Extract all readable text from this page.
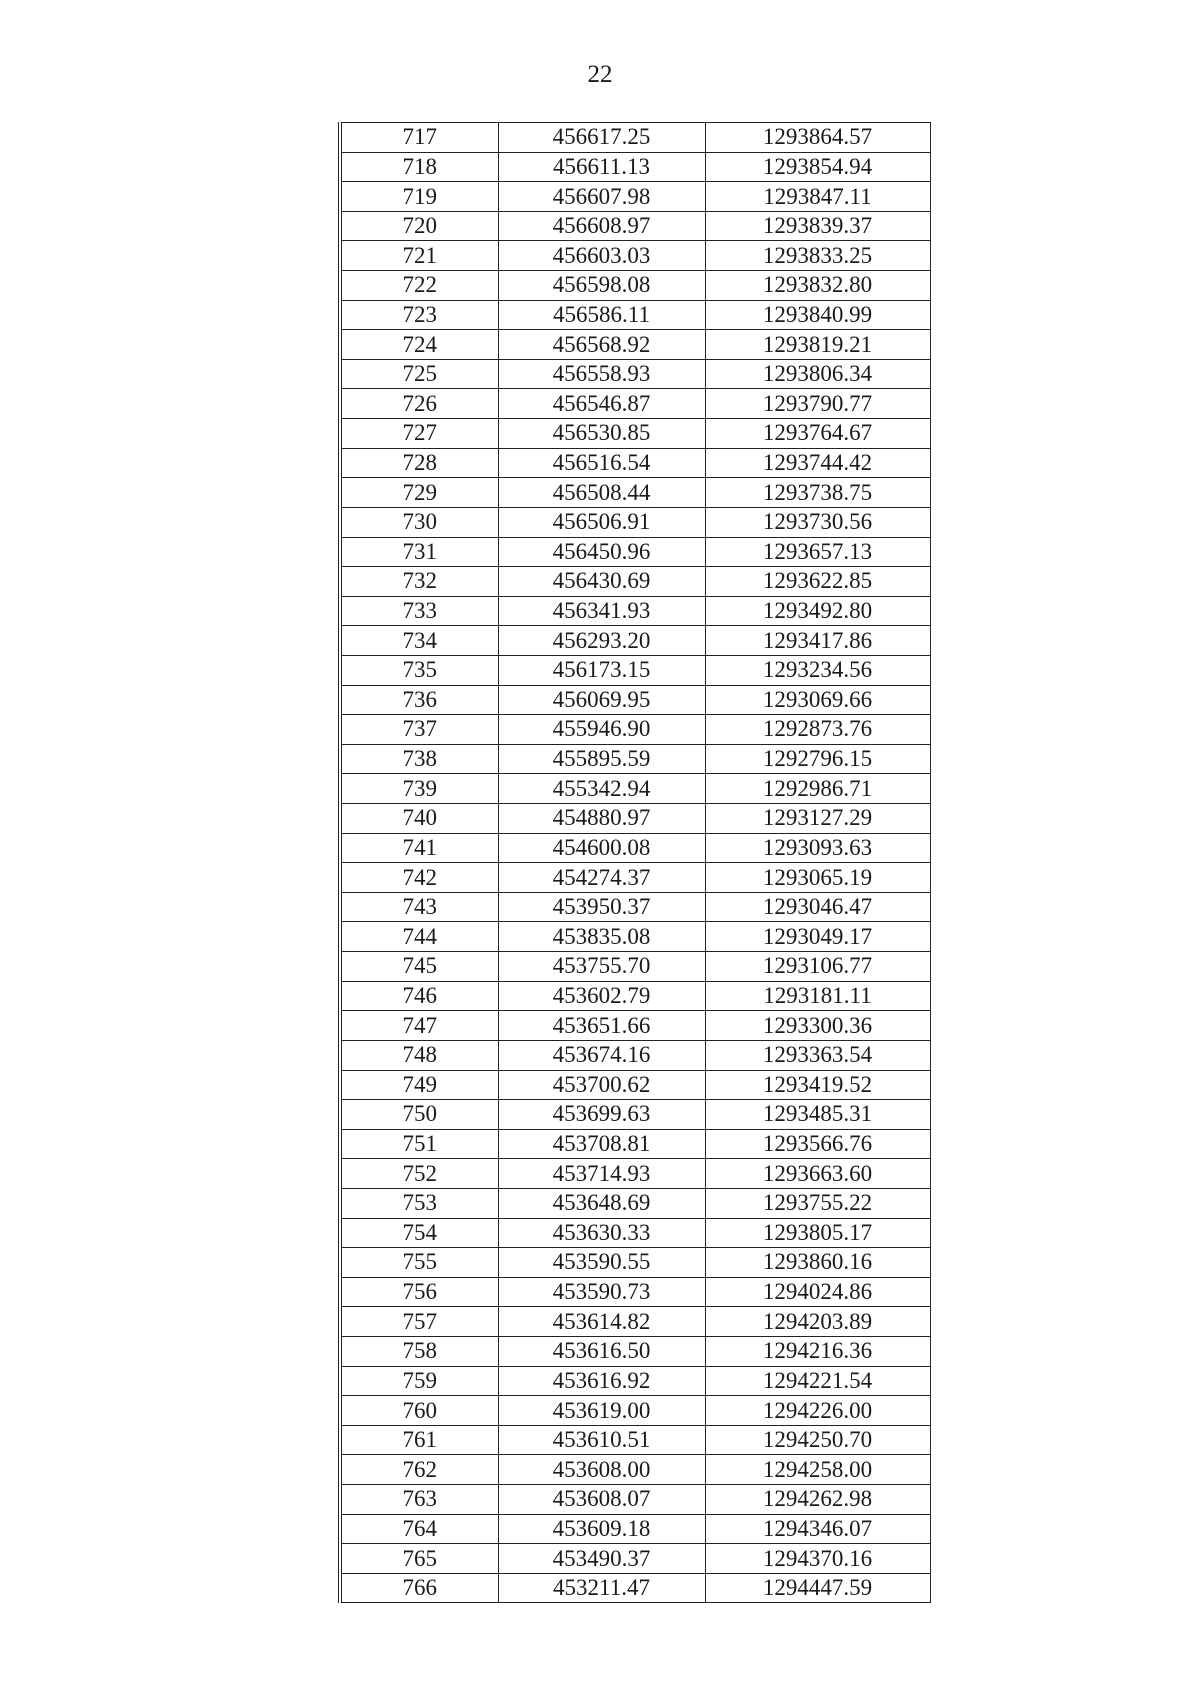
22
717	456617.25	1293864.57
718	456611.13	1293854.94
719	456607.98	1293847.11
720	456608.97	1293839.37
721	456603.03	1293833.25
722	456598.08	1293832.80
723	456586.11	1293840.99
724	456568.92	1293819.21
725	456558.93	1293806.34
726	456546.87	1293790.77
727	456530.85	1293764.67
728	456516.54	1293744.42
729	456508.44	1293738.75
730	456506.91	1293730.56
731	456450.96	1293657.13
732	456430.69	1293622.85
733	456341.93	1293492.80
734	456293.20	1293417.86
735	456173.15	1293234.56
736	456069.95	1293069.66
737	455946.90	1292873.76
738	455895.59	1292796.15
739	455342.94	1292986.71
740	454880.97	1293127.29
741	454600.08	1293093.63
742	454274.37	1293065.19
743	453950.37	1293046.47
744	453835.08	1293049.17
745	453755.70	1293106.77
746	453602.79	1293181.11
747	453651.66	1293300.36
748	453674.16	1293363.54
749	453700.62	1293419.52
750	453699.63	1293485.31
751	453708.81	1293566.76
752	453714.93	1293663.60
753	453648.69	1293755.22
754	453630.33	1293805.17
755	453590.55	1293860.16
756	453590.73	1294024.86
757	453614.82	1294203.89
758	453616.50	1294216.36
759	453616.92	1294221.54
760	453619.00	1294226.00
761	453610.51	1294250.70
762	453608.00	1294258.00
763	453608.07	1294262.98
764	453609.18	1294346.07
765	453490.37	1294370.16
766	453211.47	1294447.59
